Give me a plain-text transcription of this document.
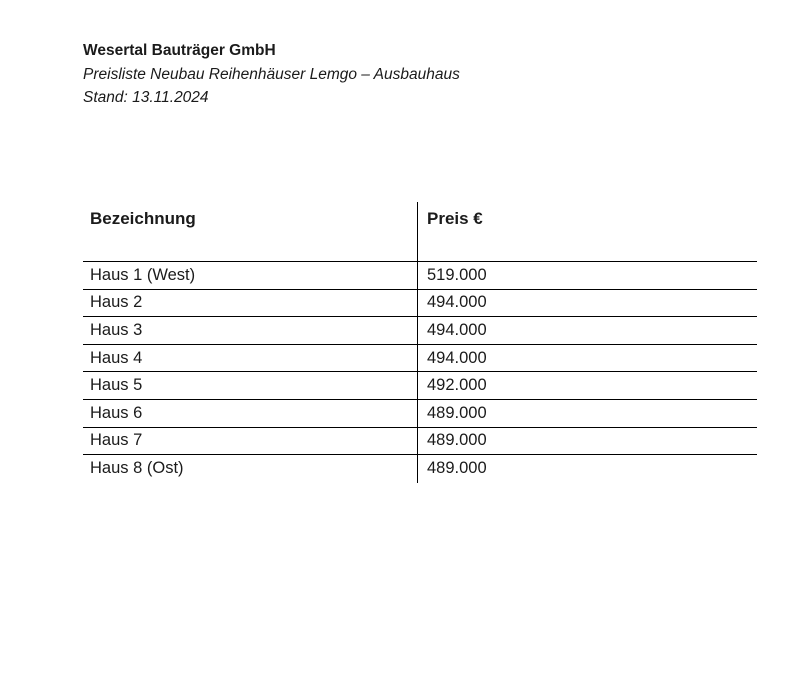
Wesertal Bauträger GmbH
Preisliste Neubau Reihenhäuser Lemgo – Ausbauhaus
Stand: 13.11.2024
Bezeichnung	Preis €
Haus 1 (West)	519.000
Haus 2	494.000
Haus 3	494.000
Haus 4	494.000
Haus 5	492.000
Haus 6	489.000
Haus 7	489.000
Haus 8 (Ost)	489.000
